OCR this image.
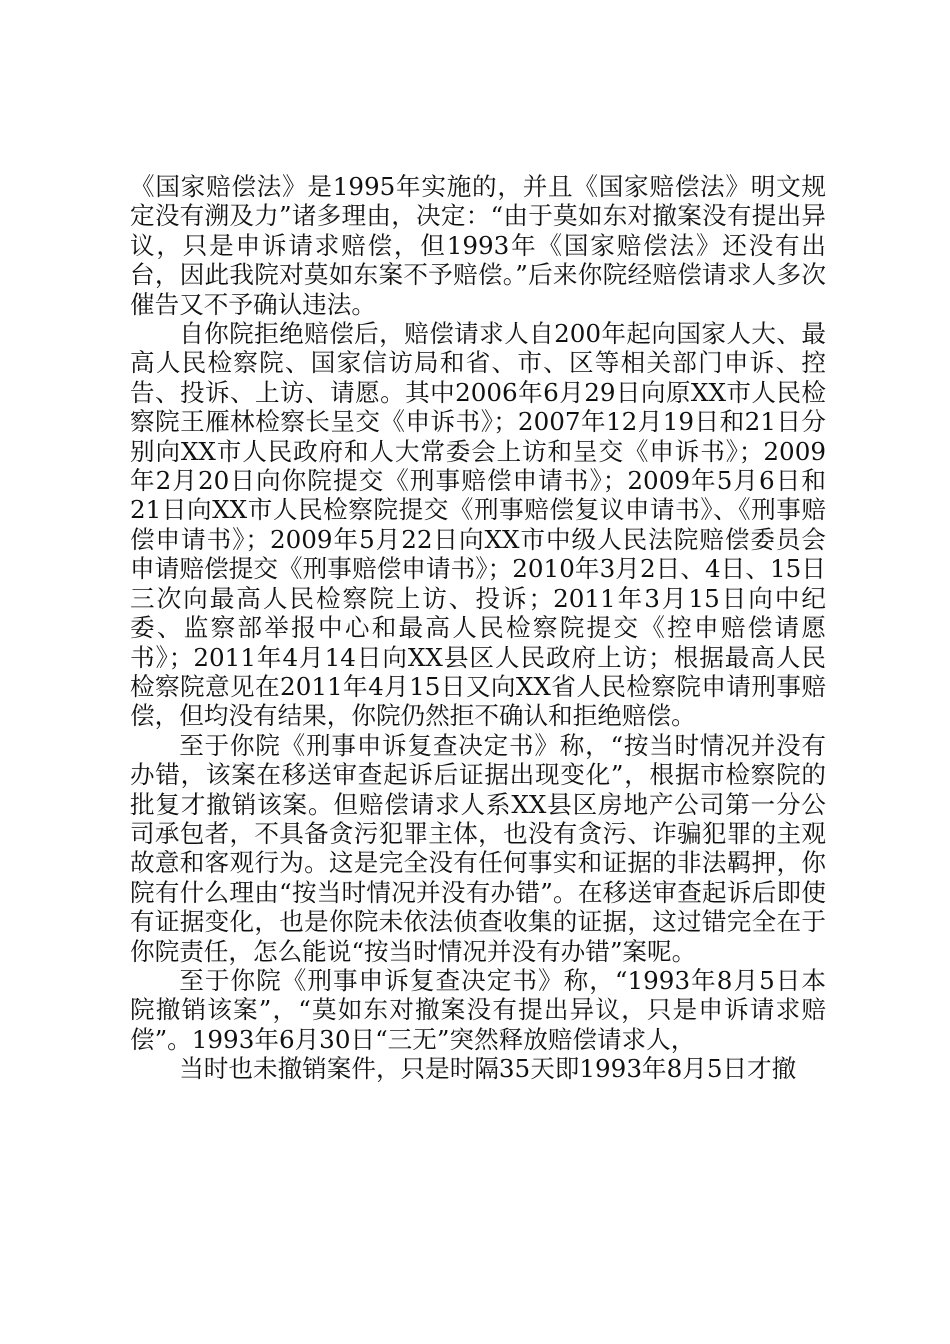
《国家赔偿法》是1995年实施的，并且《国家赔偿法》明文规定没有溯及力”诸多理由，决定：“由于莫如东对撤案没有提出异议，只是申诉请求赔偿，但1993年《国家赔偿法》还没有出台，因此我院对莫如东案不予赔偿。”后来你院经赔偿请求人多次催告又不予确认违法。

自你院拒绝赔偿后，赔偿请求人自200年起向国家人大、最高人民检察院、国家信访局和省、市、区等相关部门申诉、控告、投诉、上访、请愿。其中2006年6月29日向原XX市人民检察院王雁林检察长呈交《申诉书》；2007年12月19日和21日分别向XX市人民政府和人大常委会上访和呈交《申诉书》；2009年2月20日向你院提交《刑事赔偿申请书》；2009年5月6日和21日向XX市人民检察院提交《刑事赔偿复议申请书》、《刑事赔偿申请书》；2009年5月22日向XX市中级人民法院赔偿委员会申请赔偿提交《刑事赔偿申请书》；2010年3月2日、4日、15日三次向最高人民检察院上访、投诉；2011年3月15日向中纪委、监察部举报中心和最高人民检察院提交《控申赔偿请愿书》；2011年4月14日向XX县区人民政府上访；根据最高人民检察院意见在2011年4月15日又向XX省人民检察院申请刑事赔偿，但均没有结果，你院仍然拒不确认和拒绝赔偿。

至于你院《刑事申诉复查决定书》称，“按当时情况并没有办错，该案在移送审查起诉后证据出现变化”，根据市检察院的批复才撤销该案。但赔偿请求人系XX县区房地产公司第一分公司承包者，不具备贪污犯罪主体，也没有贪污、诈骗犯罪的主观故意和客观行为。这是完全没有任何事实和证据的非法羁押，你院有什么理由“按当时情况并没有办错”。在移送审查起诉后即使有证据变化，也是你院未依法侦查收集的证据，这过错完全在于你院责任，怎么能说“按当时情况并没有办错”案呢。

至于你院《刑事申诉复查决定书》称，“1993年8月5日本院撤销该案”，“莫如东对撤案没有提出异议，只是申诉请求赔偿”。1993年6月30日“三无”突然释放赔偿请求人，

当时也未撤销案件，只是时隔35天即1993年8月5日才撤
